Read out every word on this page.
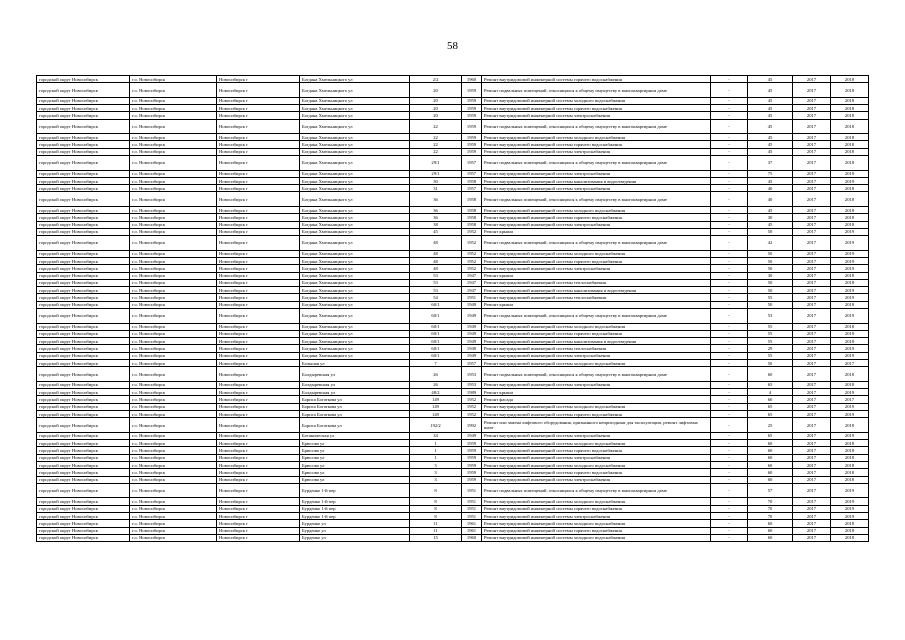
58
городской округ Новосибирск	г.о. Новосибирск	Новосибирск г	Богдана Хмельницкого ул	2/2	1960	Ремонт внутридомовой инженерной системы горячего водоснабжения	-	45	2017	2018
городской округ Новосибирск	г.о. Новосибирск	Новосибирск г	Богдана Хмельницкого ул	20	1959	Ремонт подвальных помещений, относящихся к общему имуществу в многоквартирном доме	-	45	2017	2018
городской округ Новосибирск	г.о. Новосибирск	Новосибирск г	Богдана Хмельницкого ул	20	1959	Ремонт внутридомовой инженерной системы холодного водоснабжения	-	45	2017	2018
городской округ Новосибирск	г.о. Новосибирск	Новосибирск г	Богдана Хмельницкого ул	20	1959	Ремонт внутридомовой инженерной системы горячего водоснабжения	-	45	2017	2018
городской округ Новосибирск	г.о. Новосибирск	Новосибирск г	Богдана Хмельницкого ул	20	1959	Ремонт внутридомовой инженерной системы электроснабжения	-	45	2017	2018
городской округ Новосибирск	г.о. Новосибирск	Новосибирск г	Богдана Хмельницкого ул	22	1959	Ремонт подвальных помещений, относящихся к общему имуществу в многоквартирном доме	-	45	2017	2018
городской округ Новосибирск	г.о. Новосибирск	Новосибирск г	Богдана Хмельницкого ул	22	1959	Ремонт внутридомовой инженерной системы холодного водоснабжения	-	45	2017	2018
городской округ Новосибирск	г.о. Новосибирск	Новосибирск г	Богдана Хмельницкого ул	22	1959	Ремонт внутридомовой инженерной системы горячего водоснабжения	-	45	2017	2018
городской округ Новосибирск	г.о. Новосибирск	Новосибирск г	Богдана Хмельницкого ул	22	1959	Ремонт внутридомовой инженерной системы электроснабжения	-	45	2017	2018
городской округ Новосибирск	г.о. Новосибирск	Новосибирск г	Богдана Хмельницкого ул	29/1	1957	Ремонт подвальных помещений, относящихся к общему имуществу в многоквартирном доме	-	37	2017	2018
городской округ Новосибирск	г.о. Новосибирск	Новосибирск г	Богдана Хмельницкого ул	29/1	1957	Ремонт внутридомовой инженерной системы электроснабжения	-	75	2017	2018
городской округ Новосибирск	г.о. Новосибирск	Новосибирск г	Богдана Хмельницкого ул	30	1958	Ремонт внутридомовой инженерной системы канализования и водоотведения	-	45	2017	2019
городской округ Новосибирск	г.о. Новосибирск	Новосибирск г	Богдана Хмельницкого ул	31	1957	Ремонт внутридомовой инженерной системы электроснабжения	-	40	2017	2018
городской округ Новосибирск	г.о. Новосибирск	Новосибирск г	Богдана Хмельницкого ул	36	1958	Ремонт подвальных помещений, относящихся к общему имуществу в многоквартирном доме	-	40	2017	2018
городской округ Новосибирск	г.о. Новосибирск	Новосибирск г	Богдана Хмельницкого ул	36	1958	Ремонт внутридомовой инженерной системы холодного водоснабжения	-	45	2017	2018
городской округ Новосибирск	г.о. Новосибирск	Новосибирск г	Богдана Хмельницкого ул	36	1958	Ремонт внутридомовой инженерной системы горячего водоснабжения	-	30	2017	2018
городской округ Новосибирск	г.о. Новосибирск	Новосибирск г	Богдана Хмельницкого ул	38	1958	Ремонт внутридомовой инженерной системы электроснабжения	-	45	2017	2018
городской округ Новосибирск	г.о. Новосибирск	Новосибирск г	Богдана Хмельницкого ул	45	1952	Ремонт крыши	-	50	2017	2019
городской округ Новосибирск	г.о. Новосибирск	Новосибирск г	Богдана Хмельницкого ул	48	1952	Ремонт подвальных помещений, относящихся к общему имуществу в многоквартирном доме	-	42	2017	2019
городской округ Новосибирск	г.о. Новосибирск	Новосибирск г	Богдана Хмельницкого ул	48	1952	Ремонт внутридомовой инженерной системы холодного водоснабжения	-	50	2017	2019
городской округ Новосибирск	г.о. Новосибирск	Новосибирск г	Богдана Хмельницкого ул	48	1952	Ремонт внутридомовой инженерной системы горячего водоснабжения	-	50	2017	2019
городской округ Новосибирск	г.о. Новосибирск	Новосибирск г	Богдана Хмельницкого ул	48	1952	Ремонт внутридомовой инженерной системы электроснабжения	-	50	2017	2019
городской округ Новосибирск	г.о. Новосибирск	Новосибирск г	Богдана Хмельницкого ул	53	1947	Ремонт крыши	-	30	2017	2018
городской округ Новосибирск	г.о. Новосибирск	Новосибирск г	Богдана Хмельницкого ул	53	1947	Ремонт внутридомовой инженерной системы теплоснабжения	-	50	2017	2018
городской округ Новосибирск	г.о. Новосибирск	Новосибирск г	Богдана Хмельницкого ул	53	1947	Ремонт внутридомовой инженерной системы канализования и водоотведения	-	50	2017	2019
городской округ Новосибирск	г.о. Новосибирск	Новосибирск г	Богдана Хмельницкого ул	54	1951	Ремонт внутридомовой инженерной системы теплоснабжения	-	55	2017	2019
городской округ Новосибирск	г.о. Новосибирск	Новосибирск г	Богдана Хмельницкого ул	60/1	1949	Ремонт крыши	-	50	2017	2018
городской округ Новосибирск	г.о. Новосибирск	Новосибирск г	Богдана Хмельницкого ул	60/1	1949	Ремонт подвальных помещений, относящихся к общему имуществу в многоквартирном доме	-	53	2017	2019
городской округ Новосибирск	г.о. Новосибирск	Новосибирск г	Богдана Хмельницкого ул	60/1	1949	Ремонт внутридомовой инженерной системы холодного водоснабжения	-	55	2017	2018
городской округ Новосибирск	г.о. Новосибирск	Новосибирск г	Богдана Хмельницкого ул	60/1	1949	Ремонт внутридомовой инженерной системы горячего водоснабжения	-	55	2017	2018
городской округ Новосибирск	г.о. Новосибирск	Новосибирск г	Богдана Хмельницкого ул	60/1	1949	Ремонт внутридомовой инженерной системы канализования и водоотведения	-	55	2017	2018
городской округ Новосибирск	г.о. Новосибирск	Новосибирск г	Богдана Хмельницкого ул	60/1	1949	Ремонт внутридомовой инженерной системы теплоснабжения	-	29	2017	2019
городской округ Новосибирск	г.о. Новосибирск	Новосибирск г	Богдана Хмельницкого ул	60/1	1949	Ремонт внутридомовой инженерной системы электроснабжения	-	55	2017	2019
городской округ Новосибирск	г.о. Новосибирск	Новосибирск г	Большая ул	7	1957	Ремонт внутридомовой инженерной системы холодного водоснабжения	-	50	2017	2017
городской округ Новосибирск	г.о. Новосибирск	Новосибирск г	Болдыревская ул	26	1953	Ремонт подвальных помещений, относящихся к общему имуществу в многоквартирном доме	-	60	2017	2018
городской округ Новосибирск	г.о. Новосибирск	Новосибирск г	Болдыревская ул	26	1953	Ремонт внутридомовой инженерной системы электроснабжения	-	65	2017	2018
городской округ Новосибирск	г.о. Новосибирск	Новосибирск г	Болдыревская ул	48/2	1989	Ремонт крыши	-	4	2017	2019
городской округ Новосибирск	г.о. Новосибирск	Новосибирск г	Бориса Богаткова ул	149	1952	Ремонт фасада	-	60	2017	2017
городской округ Новосибирск	г.о. Новосибирск	Новосибирск г	Бориса Богаткова ул	149	1952	Ремонт внутридомовой инженерной системы холодного водоснабжения	-	65	2017	2019
городской округ Новосибирск	г.о. Новосибирск	Новосибирск г	Бориса Богаткова ул	149	1952	Ремонт внутридомовой инженерной системы горячего водоснабжения	-	65	2017	2019
городской округ Новосибирск	г.о. Новосибирск	Новосибирск г	Бориса Богаткова ул	192/2	1992	Ремонт или замена лифтового оборудования, признанного непригодным для эксплуатации, ремонт лифтовых шахт	-	25	2017	2018
городской округ Новосибирск	г.о. Новосибирск	Новосибирск г	Ботаническая ул	34	1949	Ремонт внутридомовой инженерной системы электроснабжения	-	65	2017	2019
городской округ Новосибирск	г.о. Новосибирск	Новосибирск г	Брюсова ул	1	1959	Ремонт внутридомовой инженерной системы холодного водоснабжения	-	60	2017	2018
городской округ Новосибирск	г.о. Новосибирск	Новосибирск г	Брюсова ул	1	1959	Ремонт внутридомовой инженерной системы горячего водоснабжения	-	60	2017	2018
городской округ Новосибирск	г.о. Новосибирск	Новосибирск г	Брюсова ул	1	1959	Ремонт внутридомовой инженерной системы электроснабжения	-	60	2017	2018
городской округ Новосибирск	г.о. Новосибирск	Новосибирск г	Брюсова ул	3	1959	Ремонт внутридомовой инженерной системы холодного водоснабжения	-	60	2017	2018
городской округ Новосибирск	г.о. Новосибирск	Новосибирск г	Брюсова ул	3	1959	Ремонт внутридомовой инженерной системы горячего водоснабжения	-	60	2017	2018
городской округ Новосибирск	г.о. Новосибирск	Новосибирск г	Брюсова ул	3	1959	Ремонт внутридомовой инженерной системы электроснабжения	-	60	2017	2018
городской округ Новосибирск	г.о. Новосибирск	Новосибирск г	Бурденко 1-й пер	8	1951	Ремонт подвальных помещений, относящихся к общему имуществу в многоквартирном доме	-	57	2017	2019
городской округ Новосибирск	г.о. Новосибирск	Новосибирск г	Бурденко 1-й пер	8	1951	Ремонт внутридомовой инженерной системы холодного водоснабжения	-	70	2017	2019
городской округ Новосибирск	г.о. Новосибирск	Новосибирск г	Бурденко 1-й пер	8	1951	Ремонт внутридомовой инженерной системы горячего водоснабжения	-	70	2017	2019
городской округ Новосибирск	г.о. Новосибирск	Новосибирск г	Бурденко 1-й пер	8	1951	Ремонт внутридомовой инженерной системы электроснабжения	-	70	2017	2019
городской округ Новосибирск	г.о. Новосибирск	Новосибирск г	Бурденко ул	11	1961	Ремонт внутридомовой инженерной системы холодного водоснабжения	-	60	2017	2018
городской округ Новосибирск	г.о. Новосибирск	Новосибирск г	Бурденко ул	11	1961	Ремонт внутридомовой инженерной системы горячего водоснабжения	-	60	2017	2018
городской округ Новосибирск	г.о. Новосибирск	Новосибирск г	Бурденко ул	15	1960	Ремонт внутридомовой инженерной системы холодного водоснабжения	-	60	2017	2018
